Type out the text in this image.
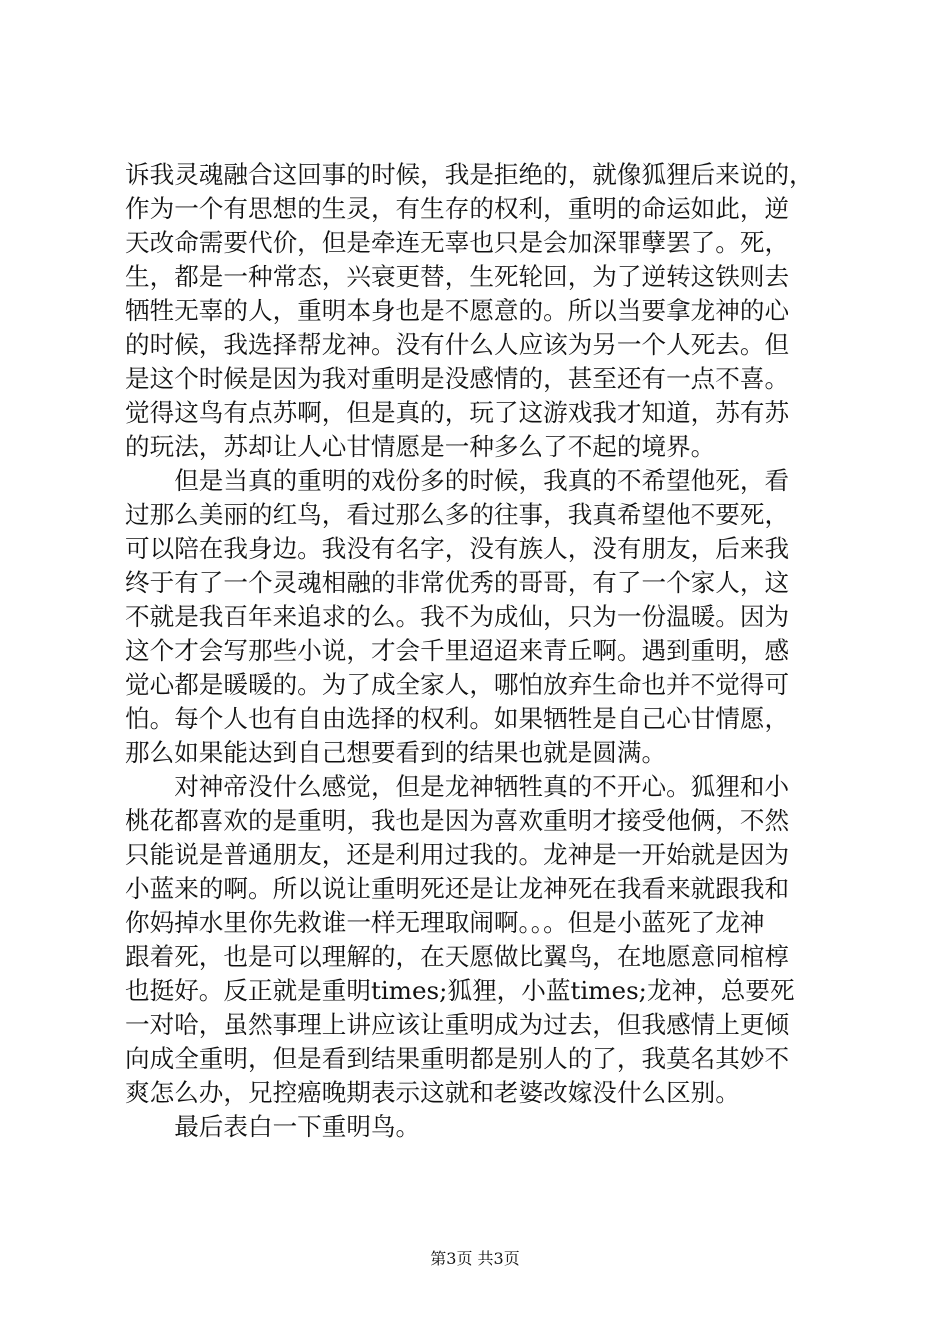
诉我灵魂融合这回事的时候，我是拒绝的，就像狐狸后来说的，
作为一个有思想的生灵，有生存的权利，重明的命运如此，逆
天改命需要代价，但是牵连无辜也只是会加深罪孽罢了。死，
生，都是一种常态，兴衰更替，生死轮回，为了逆转这铁则去
牺牲无辜的人，重明本身也是不愿意的。所以当要拿龙神的心
的时候，我选择帮龙神。没有什么人应该为另一个人死去。但
是这个时候是因为我对重明是没感情的，甚至还有一点不喜。
觉得这鸟有点苏啊，但是真的，玩了这游戏我才知道，苏有苏
的玩法，苏却让人心甘情愿是一种多么了不起的境界。
　　但是当真的重明的戏份多的时候，我真的不希望他死，看
过那么美丽的红鸟，看过那么多的往事，我真希望他不要死，
可以陪在我身边。我没有名字，没有族人，没有朋友，后来我
终于有了一个灵魂相融的非常优秀的哥哥，有了一个家人，这
不就是我百年来追求的么。我不为成仙，只为一份温暖。因为
这个才会写那些小说，才会千里迢迢来青丘啊。遇到重明，感
觉心都是暖暖的。为了成全家人，哪怕放弃生命也并不觉得可
怕。每个人也有自由选择的权利。如果牺牲是自己心甘情愿，
那么如果能达到自己想要看到的结果也就是圆满。
　　对神帝没什么感觉，但是龙神牺牲真的不开心。狐狸和小
桃花都喜欢的是重明，我也是因为喜欢重明才接受他俩，不然
只能说是普通朋友，还是利用过我的。龙神是一开始就是因为
小蓝来的啊。所以说让重明死还是让龙神死在我看来就跟我和
你妈掉水里你先救谁一样无理取闹啊。。。但是小蓝死了龙神
跟着死，也是可以理解的，在天愿做比翼鸟，在地愿意同棺椁
也挺好。反正就是重明times;狐狸，小蓝times;龙神，总要死
一对哈，虽然事理上讲应该让重明成为过去，但我感情上更倾
向成全重明，但是看到结果重明都是别人的了，我莫名其妙不
爽怎么办，兄控癌晚期表示这就和老婆改嫁没什么区别。
　　最后表白一下重明鸟。
第3页 共3页
